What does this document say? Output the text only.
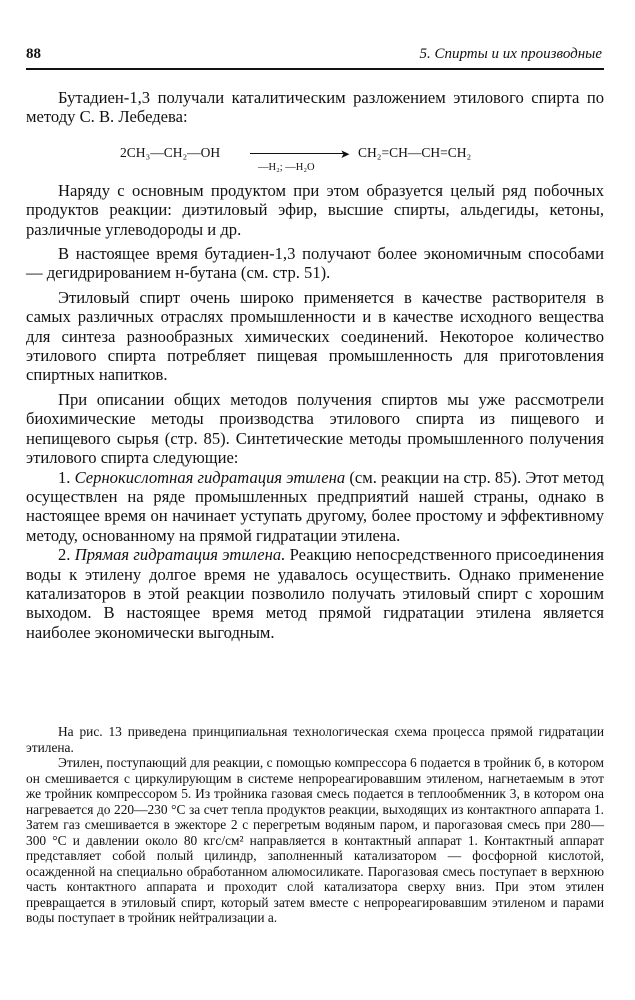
88	5. Спирты и их производные

Бутадиен-1,3 получали каталитическим разложением этилового спирта по методу С. В. Лебедева:

2CH₃—CH₂—OH	➤
—H₂; —H₂O
CH₂=CH—CH=CH₂

Наряду с основным продуктом при этом образуется целый ряд побочных продуктов реакции: диэтиловый эфир, высшие спирты, альдегиды, кетоны, различные углеводороды и др.

В настоящее время бутадиен-1,3 получают более экономичным способами — дегидрированием н-бутана (см. стр. 51).

Этиловый спирт очень широко применяется в качестве растворителя в самых различных отраслях промышленности и в качестве исходного вещества для синтеза разнообразных химических соединений. Некоторое количество этилового спирта потребляет пищевая промышленность для приготовления спиртных напитков.

При описании общих методов получения спиртов мы уже рассмотрели биохимические методы производства этилового спирта из пищевого и непищевого сырья (стр. 85). Синтетические методы промышленного получения этилового спирта следующие:

1. Сернокислотная гидратация этилена (см. реакции на стр. 85). Этот метод осуществлен на ряде промышленных предприятий нашей страны, однако в настоящее время он начинает уступать другому, более простому и эффективному методу, основанному на прямой гидратации этилена.

2. Прямая гидратация этилена. Реакцию непосредственного присоединения воды к этилену долгое время не удавалось осуществить. Однако применение катализаторов в этой реакции позволило получать этиловый спирт с хорошим выходом. В настоящее время метод прямой гидратации этилена является наиболее экономически выгодным.

На рис. 13 приведена принципиальная технологическая схема процесса прямой гидратации этилена.

Этилен, поступающий для реакции, с помощью компрессора 6 подается в тройник б, в котором он смешивается с циркулирующим в системе непрореагировавшим этиленом, нагнетаемым в этот же тройник компрессором 5. Из тройника газовая смесь подается в теплообменник 3, в котором она нагревается до 220—230 °С за счет тепла продуктов реакции, выходящих из контактного аппарата 1. Затем газ смешивается в эжекторе 2 с перегретым водяным паром, и парогазовая смесь при 280—300 °С и давлении около 80 кгс/см² направляется в контактный аппарат 1. Контактный аппарат представляет собой полый цилиндр, заполненный катализатором — фосфорной кислотой, осажденной на специально обработанном алюмосиликате. Парогазовая смесь поступает в верхнюю часть контактного аппарата и проходит слой катализатора сверху вниз. При этом этилен превращается в этиловый спирт, который затем вместе с непрореагировавшим этиленом и парами воды поступает в тройник нейтрализации а.
